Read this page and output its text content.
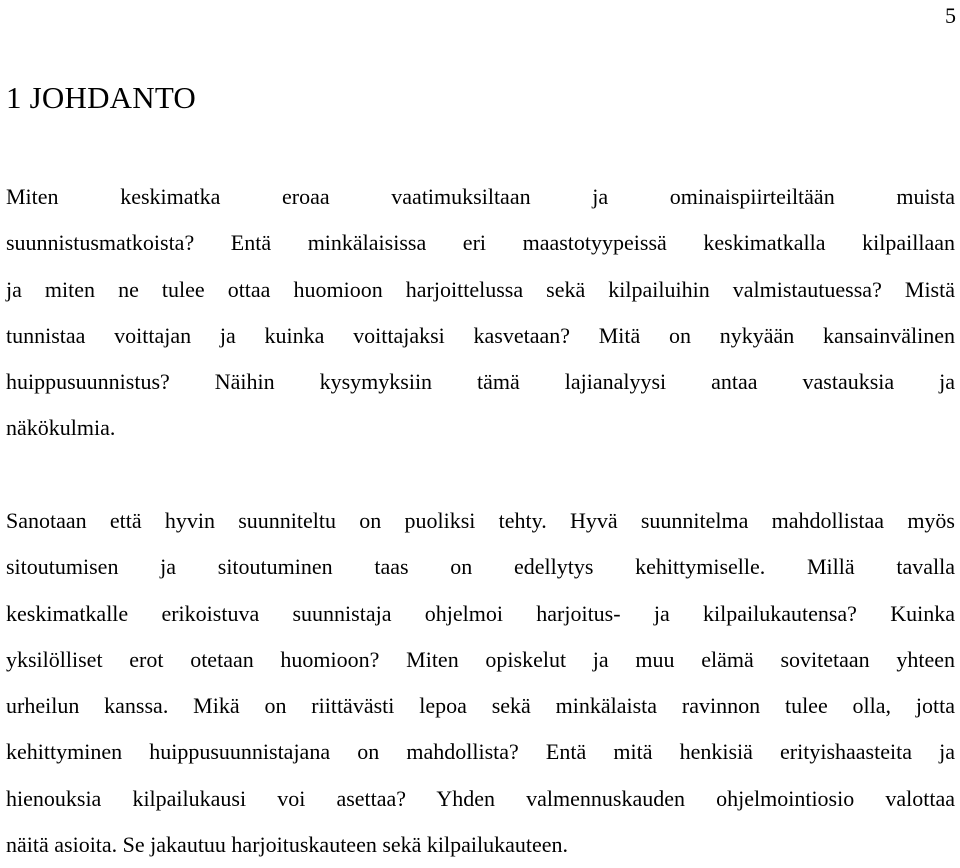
5
1 JOHDANTO

Miten keskimatka eroaa vaatimuksiltaan ja ominaispiirteiltään muista
suunnistusmatkoista? Entä minkälaisissa eri maastotyypeissä keskimatkalla kilpaillaan
ja miten ne tulee ottaa huomioon harjoittelussa sekä kilpailuihin valmistautuessa? Mistä
tunnistaa voittajan ja kuinka voittajaksi kasvetaan? Mitä on nykyään kansainvälinen
huippusuunnistus? Näihin kysymyksiin tämä lajianalyysi antaa vastauksia ja
näkökulmia.

Sanotaan että hyvin suunniteltu on puoliksi tehty. Hyvä suunnitelma mahdollistaa myös
sitoutumisen ja sitoutuminen taas on edellytys kehittymiselle. Millä tavalla
keskimatkalle erikoistuva suunnistaja ohjelmoi harjoitus- ja kilpailukautensa? Kuinka
yksilölliset erot otetaan huomioon? Miten opiskelut ja muu elämä sovitetaan yhteen
urheilun kanssa. Mikä on riittävästi lepoa sekä minkälaista ravinnon tulee olla, jotta
kehittyminen huippusuunnistajana on mahdollista? Entä mitä henkisiä erityishaasteita ja
hienouksia kilpailukausi voi asettaa? Yhden valmennuskauden ohjelmointiosio valottaa
näitä asioita. Se jakautuu harjoituskauteen sekä kilpailukauteen.
